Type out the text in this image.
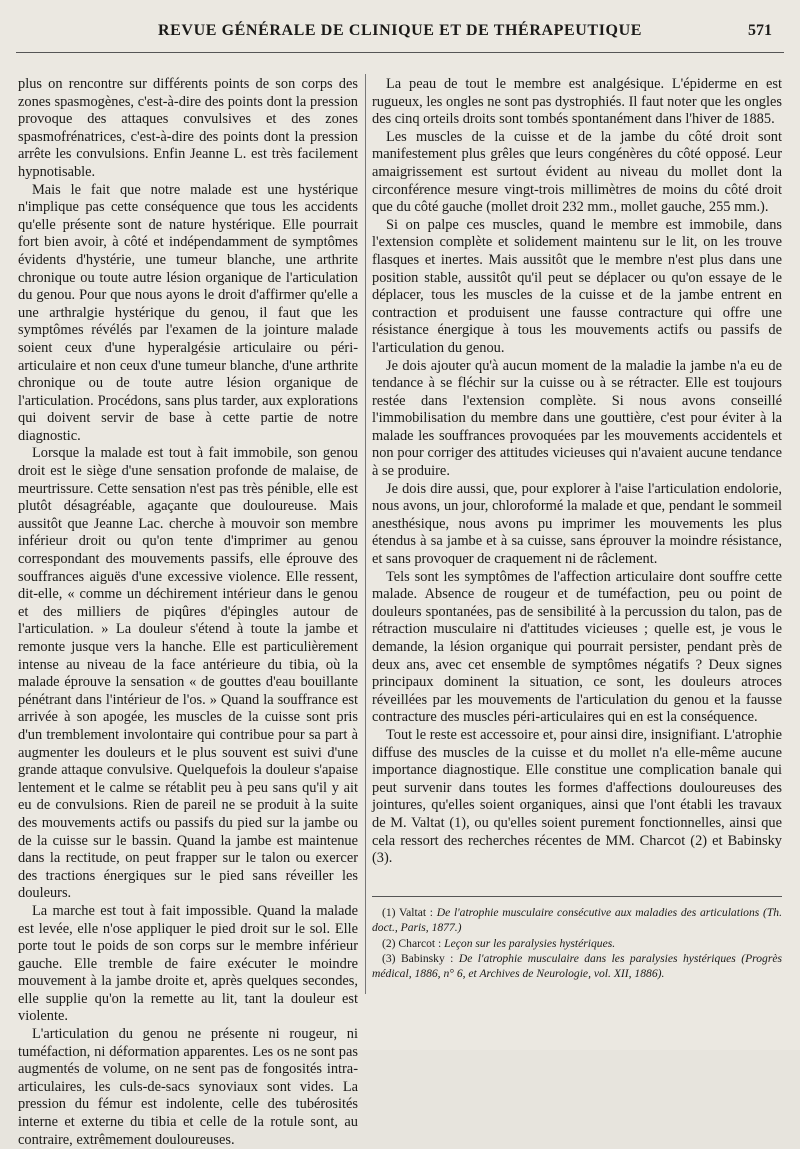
REVUE GÉNÉRALE DE CLINIQUE ET DE THÉRAPEUTIQUE	571

plus on rencontre sur différents points de son corps des zones spasmogènes, c'est-à-dire des points dont la pression provoque des attaques convulsives et des zones spasmofrénatrices, c'est-à-dire des points dont la pression arrête les convulsions. Enfin Jeanne L. est très facilement hypnotisable.

Mais le fait que notre malade est une hystérique n'implique pas cette conséquence que tous les accidents qu'elle présente sont de nature hystérique. Elle pourrait fort bien avoir, à côté et indépendamment de symptômes évidents d'hystérie, une tumeur blanche, une arthrite chronique ou toute autre lésion organique de l'articulation du genou. Pour que nous ayons le droit d'affirmer qu'elle a une arthralgie hystérique du genou, il faut que les symptômes révélés par l'examen de la jointure malade soient ceux d'une hyperalgésie articulaire ou péri-articulaire et non ceux d'une tumeur blanche, d'une arthrite chronique ou de toute autre lésion organique de l'articulation. Procédons, sans plus tarder, aux explorations qui doivent servir de base à cette partie de notre diagnostic.

Lorsque la malade est tout à fait immobile, son genou droit est le siège d'une sensation profonde de malaise, de meurtrissure. Cette sensation n'est pas très pénible, elle est plutôt désagréable, agaçante que douloureuse. Mais aussitôt que Jeanne Lac. cherche à mouvoir son membre inférieur droit ou qu'on tente d'imprimer au genou correspondant des mouvements passifs, elle éprouve des souffrances aiguës d'une excessive violence. Elle ressent, dit-elle, « comme un déchirement intérieur dans le genou et des milliers de piqûres d'épingles autour de l'articulation. » La douleur s'étend à toute la jambe et remonte jusque vers la hanche. Elle est particulièrement intense au niveau de la face antérieure du tibia, où la malade éprouve la sensation « de gouttes d'eau bouillante pénétrant dans l'intérieur de l'os. » Quand la souffrance est arrivée à son apogée, les muscles de la cuisse sont pris d'un tremblement involontaire qui contribue pour sa part à augmenter les douleurs et le plus souvent est suivi d'une grande attaque convulsive. Quelquefois la douleur s'apaise lentement et le calme se rétablit peu à peu sans qu'il y ait eu de convulsions. Rien de pareil ne se produit à la suite des mouvements actifs ou passifs du pied sur la jambe ou de la cuisse sur le bassin. Quand la jambe est maintenue dans la rectitude, on peut frapper sur le talon ou exercer des tractions énergiques sur le pied sans réveiller les douleurs.

La marche est tout à fait impossible. Quand la malade est levée, elle n'ose appliquer le pied droit sur le sol. Elle porte tout le poids de son corps sur le membre inférieur gauche. Elle tremble de faire exécuter le moindre mouvement à la jambe droite et, après quelques secondes, elle supplie qu'on la remette au lit, tant la douleur est violente.

L'articulation du genou ne présente ni rougeur, ni tuméfaction, ni déformation apparentes. Les os ne sont pas augmentés de volume, on ne sent pas de fongosités intra-articulaires, les culs-de-sacs synoviaux sont vides. La pression du fémur est indolente, celle des tubérosités interne et externe du tibia et celle de la rotule sont, au contraire, extrêmement douloureuses.

La peau de tout le membre est analgésique. L'épiderme en est rugueux, les ongles ne sont pas dystrophiés. Il faut noter que les ongles des cinq orteils droits sont tombés spontanément dans l'hiver de 1885.

Les muscles de la cuisse et de la jambe du côté droit sont manifestement plus grêles que leurs congénères du côté opposé. Leur amaigrissement est surtout évident au niveau du mollet dont la circonférence mesure vingt-trois millimètres de moins du côté droit que du côté gauche (mollet droit 232 mm., mollet gauche, 255 mm.).

Si on palpe ces muscles, quand le membre est immobile, dans l'extension complète et solidement maintenu sur le lit, on les trouve flasques et inertes. Mais aussitôt que le membre n'est plus dans une position stable, aussitôt qu'il peut se déplacer ou qu'on essaye de le déplacer, tous les muscles de la cuisse et de la jambe entrent en contraction et produisent une fausse contracture qui offre une résistance énergique à tous les mouvements actifs ou passifs de l'articulation du genou.

Je dois ajouter qu'à aucun moment de la maladie la jambe n'a eu de tendance à se fléchir sur la cuisse ou à se rétracter. Elle est toujours restée dans l'extension complète. Si nous avons conseillé l'immobilisation du membre dans une gouttière, c'est pour éviter à la malade les souffrances provoquées par les mouvements accidentels et non pour corriger des attitudes vicieuses qui n'avaient aucune tendance à se produire.

Je dois dire aussi, que, pour explorer à l'aise l'articulation endolorie, nous avons, un jour, chloroformé la malade et que, pendant le sommeil anesthésique, nous avons pu imprimer les mouvements les plus étendus à sa jambe et à sa cuisse, sans éprouver la moindre résistance, et sans provoquer de craquement ni de râclement.

Tels sont les symptômes de l'affection articulaire dont souffre cette malade. Absence de rougeur et de tuméfaction, peu ou point de douleurs spontanées, pas de sensibilité à la percussion du talon, pas de rétraction musculaire ni d'attitudes vicieuses ; quelle est, je vous le demande, la lésion organique qui pourrait persister, pendant près de deux ans, avec cet ensemble de symptômes négatifs ? Deux signes principaux dominent la situation, ce sont, les douleurs atroces réveillées par les mouvements de l'articulation du genou et la fausse contracture des muscles péri-articulaires qui en est la conséquence.

Tout le reste est accessoire et, pour ainsi dire, insignifiant. L'atrophie diffuse des muscles de la cuisse et du mollet n'a elle-même aucune importance diagnostique. Elle constitue une complication banale qui peut survenir dans toutes les formes d'affections douloureuses des jointures, qu'elles soient organiques, ainsi que l'ont établi les travaux de M. Valtat (1), ou qu'elles soient purement fonctionnelles, ainsi que cela ressort des recherches récentes de MM. Charcot (2) et Babinsky (3).

(1) Valtat : De l'atrophie musculaire consécutive aux maladies des articulations (Th. doct., Paris, 1877.)

(2) Charcot : Leçon sur les paralysies hystériques.

(3) Babinsky : De l'atrophie musculaire dans les paralysies hystériques (Progrès médical, 1886, n° 6, et Archives de Neurologie, vol. XII, 1886).
